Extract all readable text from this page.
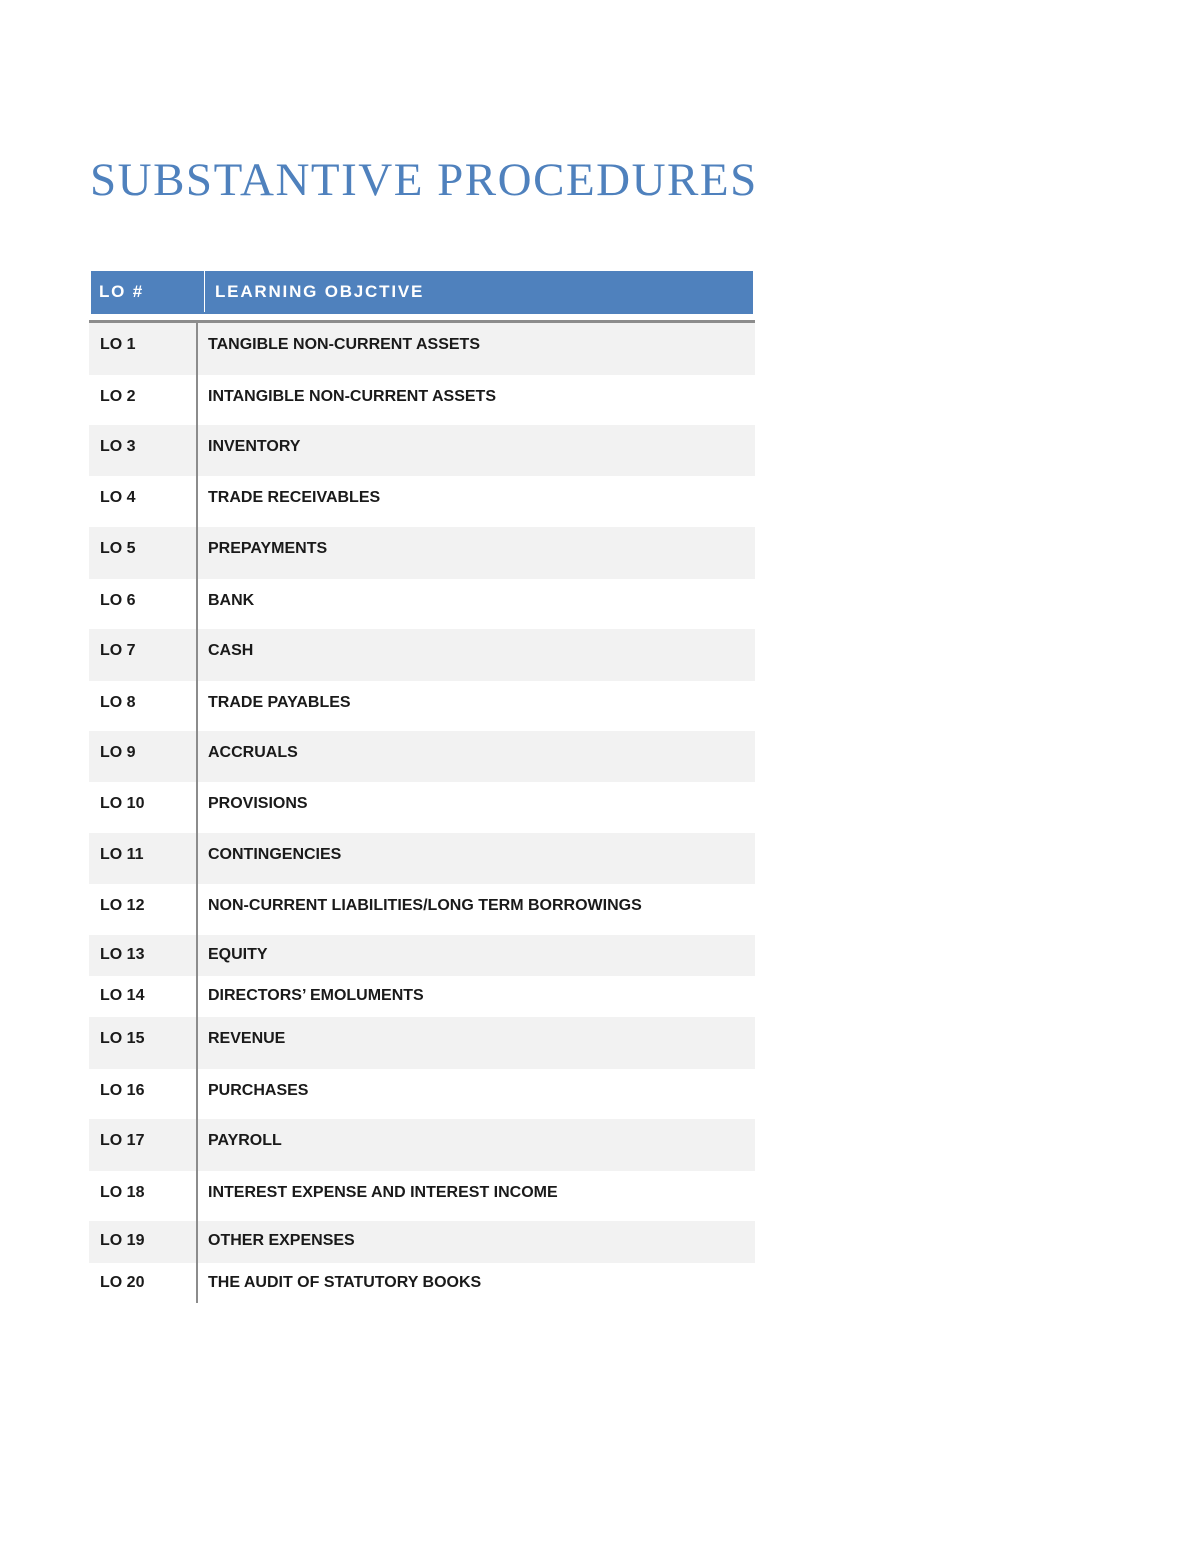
SUBSTANTIVE PROCEDURES
LO #	LEARNING OBJCTIVE
LO 1	TANGIBLE NON-CURRENT ASSETS
LO 2	INTANGIBLE NON-CURRENT ASSETS
LO 3	INVENTORY
LO 4	TRADE RECEIVABLES
LO 5	PREPAYMENTS
LO 6	BANK
LO 7	CASH
LO 8	TRADE PAYABLES
LO 9	ACCRUALS
LO 10	PROVISIONS
LO 11	CONTINGENCIES
LO 12	NON-CURRENT LIABILITIES/LONG TERM BORROWINGS
LO 13	EQUITY
LO 14	DIRECTORS’ EMOLUMENTS
LO 15	REVENUE
LO 16	PURCHASES
LO 17	PAYROLL
LO 18	INTEREST EXPENSE AND INTEREST INCOME
LO 19	OTHER EXPENSES
LO 20	THE AUDIT OF STATUTORY BOOKS
